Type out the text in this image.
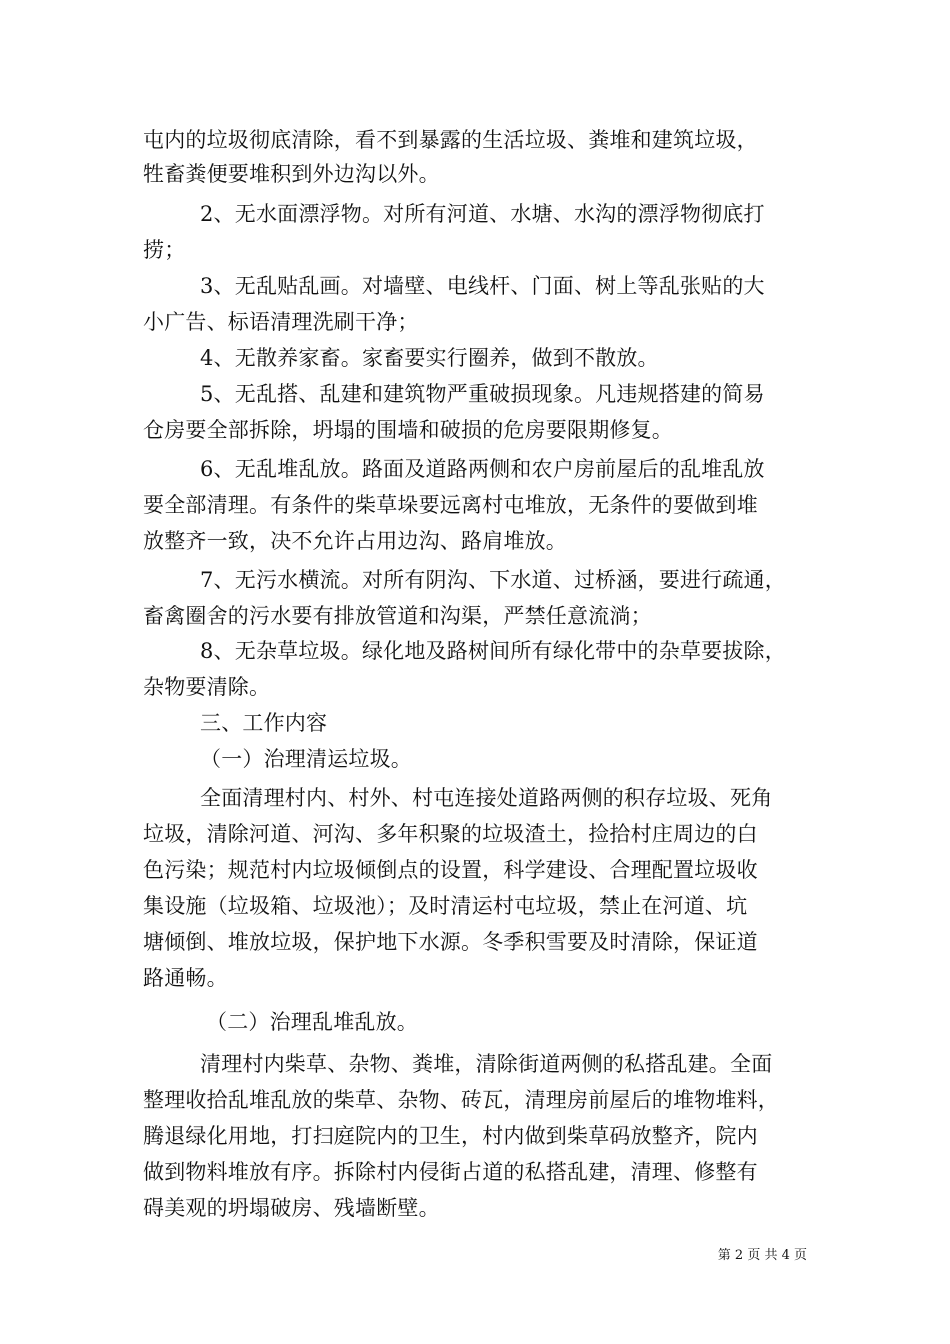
屯内的垃圾彻底清除，看不到暴露的生活垃圾、粪堆和建筑垃圾，
牲畜粪便要堆积到外边沟以外。
2、无水面漂浮物。对所有河道、水塘、水沟的漂浮物彻底打
捞；
3、无乱贴乱画。对墙壁、电线杆、门面、树上等乱张贴的大
小广告、标语清理洗刷干净；
4、无散养家畜。家畜要实行圈养，做到不散放。
5、无乱搭、乱建和建筑物严重破损现象。凡违规搭建的简易
仓房要全部拆除，坍塌的围墙和破损的危房要限期修复。
6、无乱堆乱放。路面及道路两侧和农户房前屋后的乱堆乱放
要全部清理。有条件的柴草垛要远离村屯堆放，无条件的要做到堆
放整齐一致，决不允许占用边沟、路肩堆放。
7、无污水横流。对所有阴沟、下水道、过桥涵，要进行疏通，
畜禽圈舍的污水要有排放管道和沟渠，严禁任意流淌；
8、无杂草垃圾。绿化地及路树间所有绿化带中的杂草要拔除，
杂物要清除。
三、工作内容
（一）治理清运垃圾。
全面清理村内、村外、村屯连接处道路两侧的积存垃圾、死角
垃圾，清除河道、河沟、多年积聚的垃圾渣土，捡拾村庄周边的白
色污染；规范村内垃圾倾倒点的设置，科学建设、合理配置垃圾收
集设施（垃圾箱、垃圾池）；及时清运村屯垃圾，禁止在河道、坑
塘倾倒、堆放垃圾，保护地下水源。冬季积雪要及时清除，保证道
路通畅。
（二）治理乱堆乱放。
清理村内柴草、杂物、粪堆，清除街道两侧的私搭乱建。全面
整理收拾乱堆乱放的柴草、杂物、砖瓦，清理房前屋后的堆物堆料，
腾退绿化用地，打扫庭院内的卫生，村内做到柴草码放整齐，院内
做到物料堆放有序。拆除村内侵街占道的私搭乱建，清理、修整有
碍美观的坍塌破房、残墙断壁。
第 2 页 共 4 页
